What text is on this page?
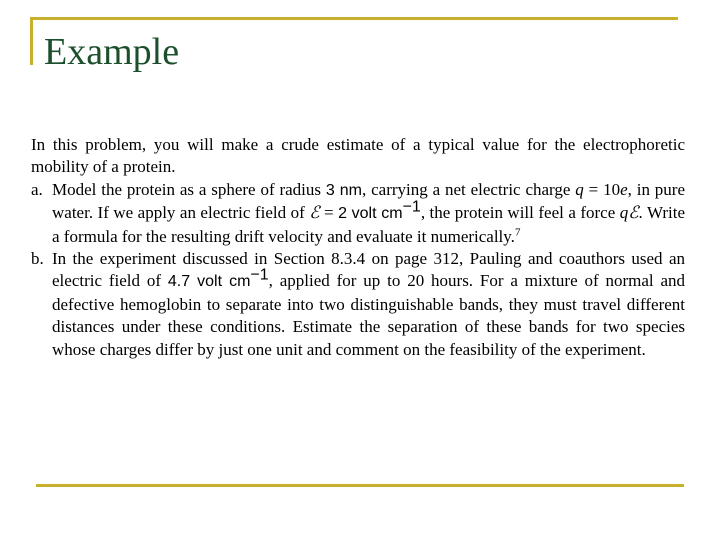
Example

In this problem, you will make a crude estimate of a typical value for the electrophoretic mobility of a protein.

a. Model the protein as a sphere of radius 3 nm, carrying a net electric charge q = 10e, in pure water. If we apply an electric field of ℰ = 2 volt $cm^{-1}$, the protein will feel a force qℰ. Write a formula for the resulting drift velocity and evaluate it numerically.$^7$

b. In the experiment discussed in Section 8.3.4 on page 312, Pauling and coauthors used an electric field of 4.7 volt $cm^{-1}$, applied for up to 20 hours. For a mixture of normal and defective hemoglobin to separate into two distinguishable bands, they must travel different distances under these conditions. Estimate the separation of these bands for two species whose charges differ by just one unit and comment on the feasibility of the experiment.
